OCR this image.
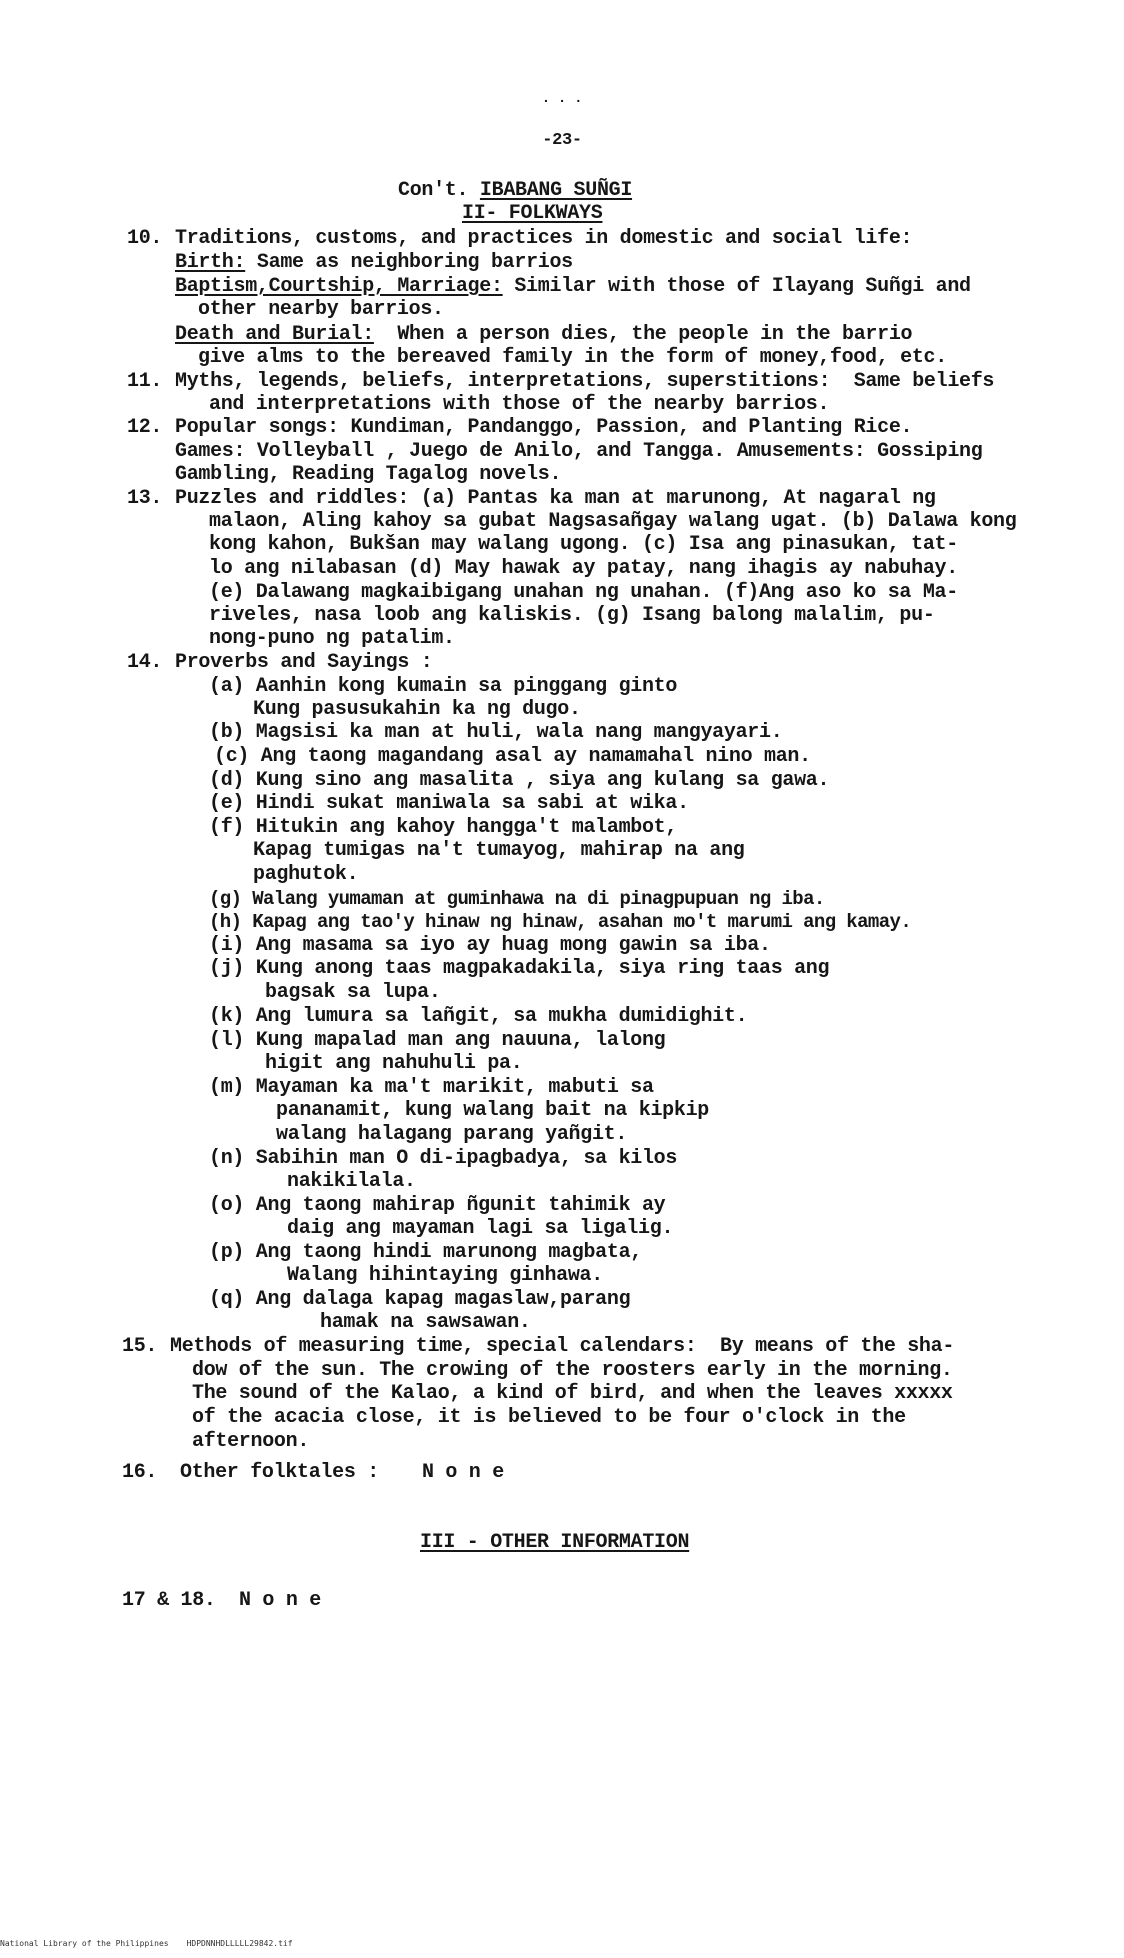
. . .
-23-
Con't. IBABANG SUÑGI
II- FOLKWAYS
10. Traditions, customs, and practices in domestic and social life:
Birth: Same as neighboring barrios
Baptism,Courtship, Marriage: Similar with those of Ilayang Suñgi and
other nearby barrios.
Death and Burial:  When a person dies, the people in the barrio
give alms to the bereaved family in the form of money,food, etc.
11. Myths, legends, beliefs, interpretations, superstitions:  Same beliefs
and interpretations with those of the nearby barrios.
12. Popular songs: Kundiman, Pandanggo, Passion, and Planting Rice.
Games: Volleyball , Juego de Anilo, and Tangga. Amusements: Gossiping
Gambling, Reading Tagalog novels.
13. Puzzles and riddles: (a) Pantas ka man at marunong, At nagaral ng
malaon, Aling kahoy sa gubat Nagsasañgay walang ugat. (b) Dalawa kong
kong kahon, Bukšan may walang ugong. (c) Isa ang pinasukan, tat-
lo ang nilabasan (d) May hawak ay patay, nang ihagis ay nabuhay.
(e) Dalawang magkaibigang unahan ng unahan. (f)Ang aso ko sa Ma-
riveles, nasa loob ang kaliskis. (g) Isang balong malalim, pu-
nong-puno ng patalim.
14. Proverbs and Sayings :
(a) Aanhin kong kumain sa pinggang ginto
Kung pasusukahin ka ng dugo.
(b) Magsisi ka man at huli, wala nang mangyayari.
(c) Ang taong magandang asal ay namamahal nino man.
(d) Kung sino ang masalita , siya ang kulang sa gawa.
(e) Hindi sukat maniwala sa sabi at wika.
(f) Hitukin ang kahoy hangga't malambot,
Kapag tumigas na't tumayog, mahirap na ang
paghutok.
(g) Walang yumaman at guminhawa na di pinagpupuan ng iba.
(h) Kapag ang tao'y hinaw ng hinaw, asahan mo't marumi ang kamay.
(i) Ang masama sa iyo ay huag mong gawin sa iba.
(j) Kung anong taas magpakadakila, siya ring taas ang
bagsak sa lupa.
(k) Ang lumura sa lañgit, sa mukha dumidighit.
(l) Kung mapalad man ang nauuna, lalong
higit ang nahuhuli pa.
(m) Mayaman ka ma't marikit, mabuti sa
pananamit, kung walang bait na kipkip
walang halagang parang yañgit.
(n) Sabihin man O di-ipagbadya, sa kilos
nakikilala.
(o) Ang taong mahirap ñgunit tahimik ay
daig ang mayaman lagi sa ligalig.
(p) Ang taong hindi marunong magbata,
Walang hihintaying ginhawa.
(q) Ang dalaga kapag magaslaw,parang
hamak na sawsawan.
15. Methods of measuring time, special calendars:  By means of the sha-
dow of the sun. The crowing of the roosters early in the morning.
The sound of the Kalao, a kind of bird, and when the leaves xxxxx
of the acacia close, it is believed to be four o'clock in the
afternoon.
16. Other folktales : N o n e
III - OTHER INFORMATION
17 & 18. N o n e
National Library of the Philippines HDPDNNHDLLLLL29842.tif
